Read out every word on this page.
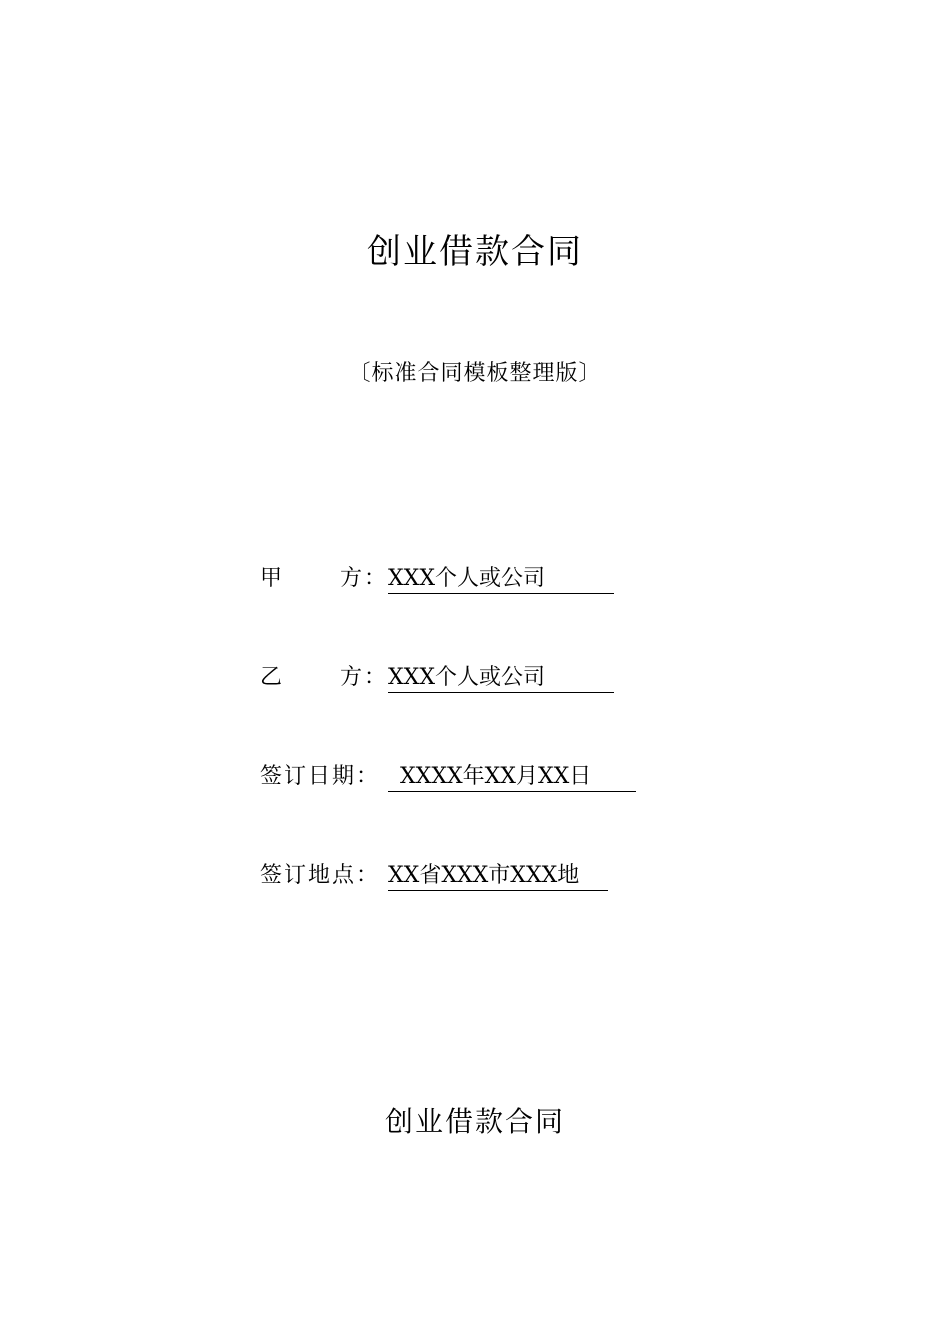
创业借款合同
〔标准合同模板整理版〕
甲	方： XXX个人或公司
乙	方： XXX个人或公司
签订日期： XXXX年XX月XX日
签订地点： XX省XXX市XXX地
创业借款合同
